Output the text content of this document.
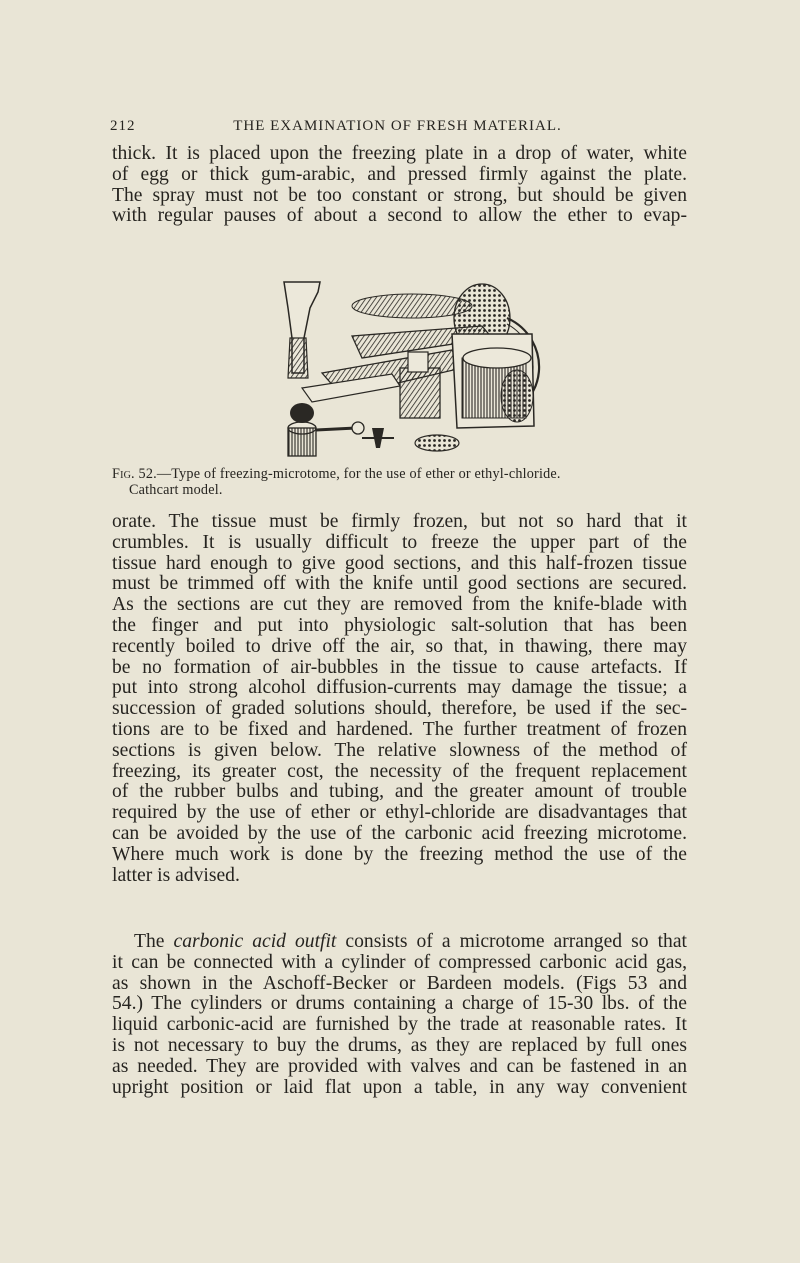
212	THE EXAMINATION OF FRESH MATERIAL.
thick. It is placed upon the freezing plate in a drop of water, white
of egg or thick gum-arabic, and pressed firmly against the plate.
The spray must not be too constant or strong, but should be given
with regular pauses of about a second to allow the ether to evap-
Fig. 52.—Type of freezing-microtome, for the use of ether or ethyl-chloride.
Cathcart model.
orate. The tissue must be firmly frozen, but not so hard that it
crumbles. It is usually difficult to freeze the upper part of the
tissue hard enough to give good sections, and this half-frozen tissue
must be trimmed off with the knife until good sections are secured.
As the sections are cut they are removed from the knife-blade with
the finger and put into physiologic salt-solution that has been
recently boiled to drive off the air, so that, in thawing, there may
be no formation of air-bubbles in the tissue to cause artefacts. If
put into strong alcohol diffusion-currents may damage the tissue; a
succession of graded solutions should, therefore, be used if the sec-
tions are to be fixed and hardened. The further treatment of frozen
sections is given below. The relative slowness of the method of
freezing, its greater cost, the necessity of the frequent replacement
of the rubber bulbs and tubing, and the greater amount of trouble
required by the use of ether or ethyl-chloride are disadvantages that
can be avoided by the use of the carbonic acid freezing microtome.
Where much work is done by the freezing method the use of the
latter is advised.
The carbonic acid outfit consists of a microtome arranged so that
it can be connected with a cylinder of compressed carbonic acid gas,
as shown in the Aschoff-Becker or Bardeen models. (Figs 53 and
54.) The cylinders or drums containing a charge of 15-30 lbs. of the
liquid carbonic-acid are furnished by the trade at reasonable rates. It
is not necessary to buy the drums, as they are replaced by full ones
as needed. They are provided with valves and can be fastened in an
upright position or laid flat upon a table, in any way convenient
